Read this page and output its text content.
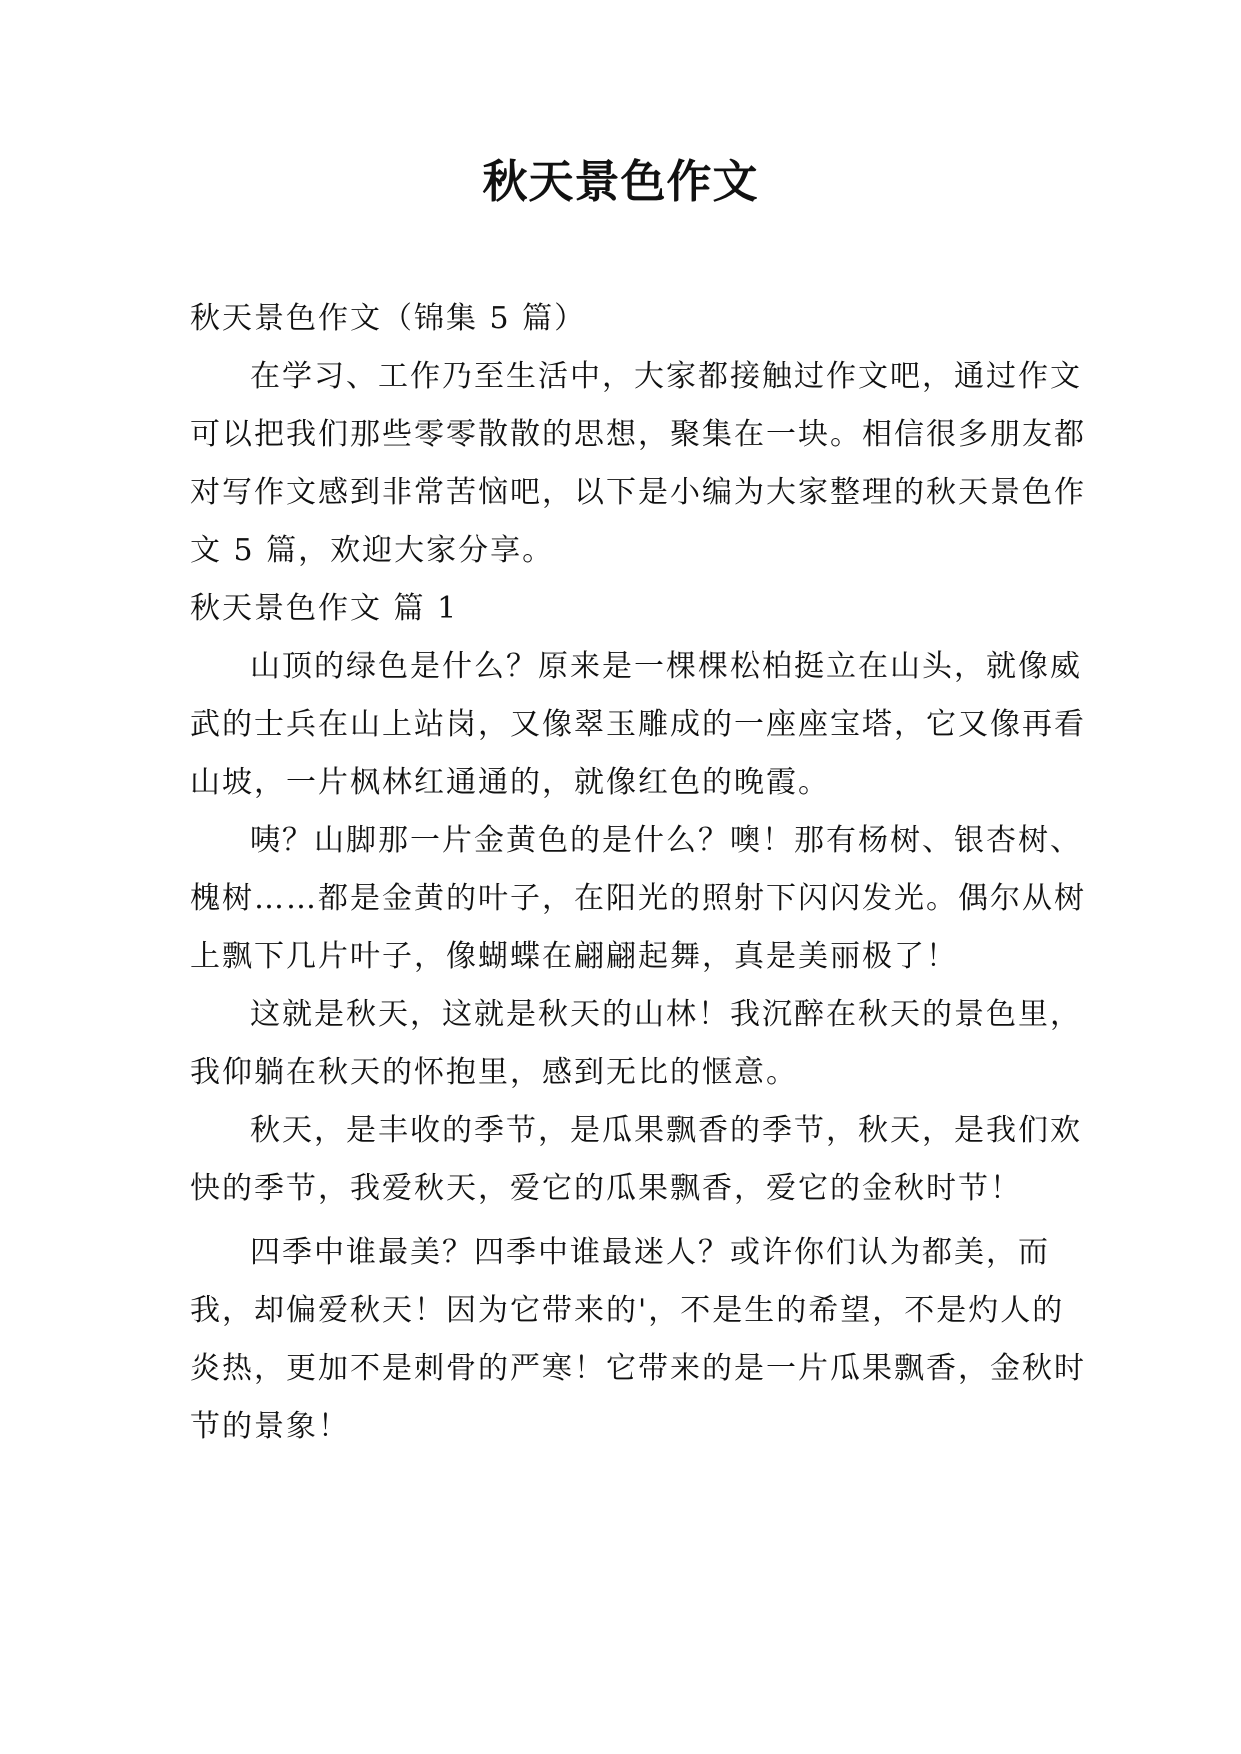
秋天景色作文

秋天景色作文（锦集 5 篇）

在学习、工作乃至生活中，大家都接触过作文吧，通过作文可以把我们那些零零散散的思想，聚集在一块。相信很多朋友都对写作文感到非常苦恼吧，以下是小编为大家整理的秋天景色作文 5 篇，欢迎大家分享。

秋天景色作文 篇 1

山顶的绿色是什么？原来是一棵棵松柏挺立在山头，就像威武的士兵在山上站岗，又像翠玉雕成的一座座宝塔，它又像再看山坡，一片枫林红通通的，就像红色的晚霞。

咦？山脚那一片金黄色的是什么？噢！那有杨树、银杏树、槐树……都是金黄的叶子，在阳光的照射下闪闪发光。偶尔从树上飘下几片叶子，像蝴蝶在翩翩起舞，真是美丽极了！

这就是秋天，这就是秋天的山林！我沉醉在秋天的景色里，我仰躺在秋天的怀抱里，感到无比的惬意。

秋天，是丰收的季节，是瓜果飘香的季节，秋天，是我们欢快的季节，我爱秋天，爱它的瓜果飘香，爱它的金秋时节！

四季中谁最美？四季中谁最迷人？或许你们认为都美，而我，却偏爱秋天！因为它带来的'，不是生的希望，不是灼人的炎热，更加不是刺骨的严寒！它带来的是一片瓜果飘香，金秋时节的景象！
